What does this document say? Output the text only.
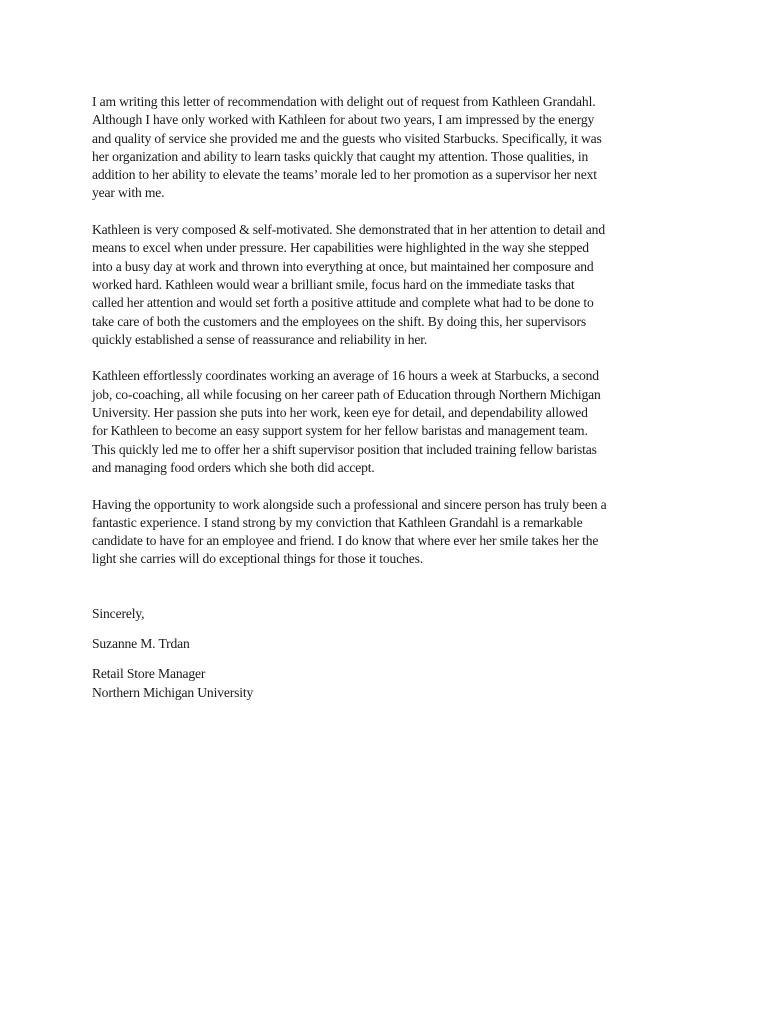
I am writing this letter of recommendation with delight out of request from Kathleen Grandahl.
Although I have only worked with Kathleen for about two years, I am impressed by the energy
and quality of service she provided me and the guests who visited Starbucks. Specifically, it was
her organization and ability to learn tasks quickly that caught my attention. Those qualities, in
addition to her ability to elevate the teams’ morale led to her promotion as a supervisor her next
year with me.
Kathleen is very composed & self-motivated. She demonstrated that in her attention to detail and
means to excel when under pressure. Her capabilities were highlighted in the way she stepped
into a busy day at work and thrown into everything at once, but maintained her composure and
worked hard. Kathleen would wear a brilliant smile, focus hard on the immediate tasks that
called her attention and would set forth a positive attitude and complete what had to be done to
take care of both the customers and the employees on the shift. By doing this, her supervisors
quickly established a sense of reassurance and reliability in her.
Kathleen effortlessly coordinates working an average of 16 hours a week at Starbucks, a second
job, co-coaching, all while focusing on her career path of Education through Northern Michigan
University. Her passion she puts into her work, keen eye for detail, and dependability allowed
for Kathleen to become an easy support system for her fellow baristas and management team.
This quickly led me to offer her a shift supervisor position that included training fellow baristas
and managing food orders which she both did accept.
Having the opportunity to work alongside such a professional and sincere person has truly been a
fantastic experience. I stand strong by my conviction that Kathleen Grandahl is a remarkable
candidate to have for an employee and friend. I do know that where ever her smile takes her the
light she carries will do exceptional things for those it touches.

Sincerely,

Suzanne M. Trdan

Retail Store Manager
Northern Michigan University
